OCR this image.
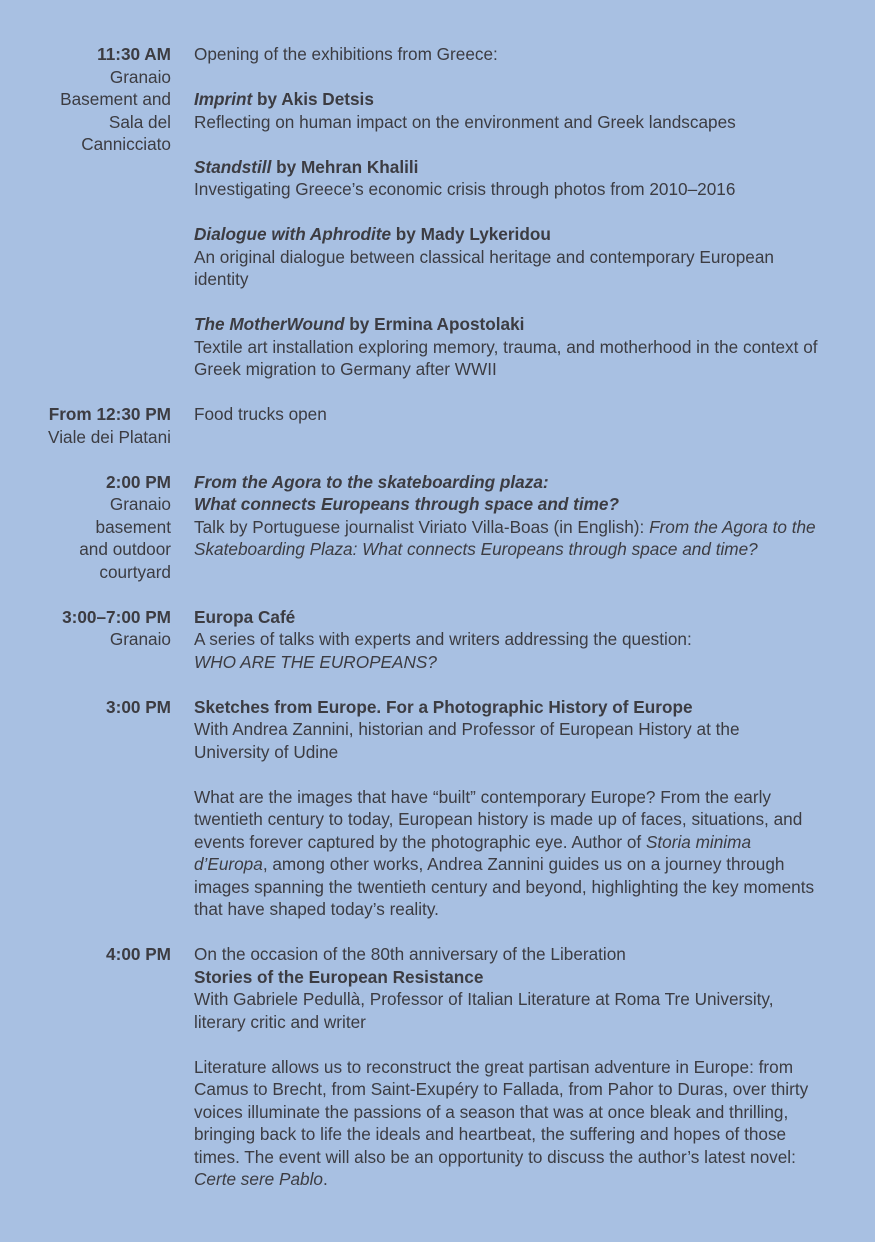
11:30 AM
Granaio Basement and Sala del Cannicciato

Opening of the exhibitions from Greece:

Imprint by Akis Detsis
Reflecting on human impact on the environment and Greek landscapes

Standstill by Mehran Khalili
Investigating Greece’s economic crisis through photos from 2010–2016

Dialogue with Aphrodite by Mady Lykeridou
An original dialogue between classical heritage and contemporary European identity

The MotherWound by Ermina Apostolaki
Textile art installation exploring memory, trauma, and motherhood in the context of Greek migration to Germany after WWII

From 12:30 PM
Viale dei Platani

Food trucks open

2:00 PM
Granaio basement and outdoor courtyard
From the Agora to the skateboarding plaza:
What connects Europeans through space and time?

Talk by Portuguese journalist Viriato Villa-Boas (in English): From the Agora to the Skateboarding Plaza: What connects Europeans through space and time?

3:00–7:00 PM
Granaio
Europa Café
A series of talks with experts and writers addressing the question:
WHO ARE THE EUROPEANS?
3:00 PM Sketches from Europe. For a Photographic History of Europe
With Andrea Zannini, historian and Professor of European History at the University of Udine

What are the images that have “built” contemporary Europe? From the early twentieth century to today, European history is made up of faces, situations, and events forever captured by the photographic eye. Author of Storia minima d’Europa, among other works, Andrea Zannini guides us on a journey through images spanning the twentieth century and beyond, highlighting the key moments that have shaped today’s reality.

4:00 PM On the occasion of the 80th anniversary of the Liberation
Stories of the European Resistance
With Gabriele Pedullà, Professor of Italian Literature at Roma Tre University, literary critic and writer

Literature allows us to reconstruct the great partisan adventure in Europe: from Camus to Brecht, from Saint-Exupéry to Fallada, from Pahor to Duras, over thirty voices illuminate the passions of a season that was at once bleak and thrilling, bringing back to life the ideals and heartbeat, the suffering and hopes of those times. The event will also be an opportunity to discuss the author’s latest novel: Certe sere Pablo.
